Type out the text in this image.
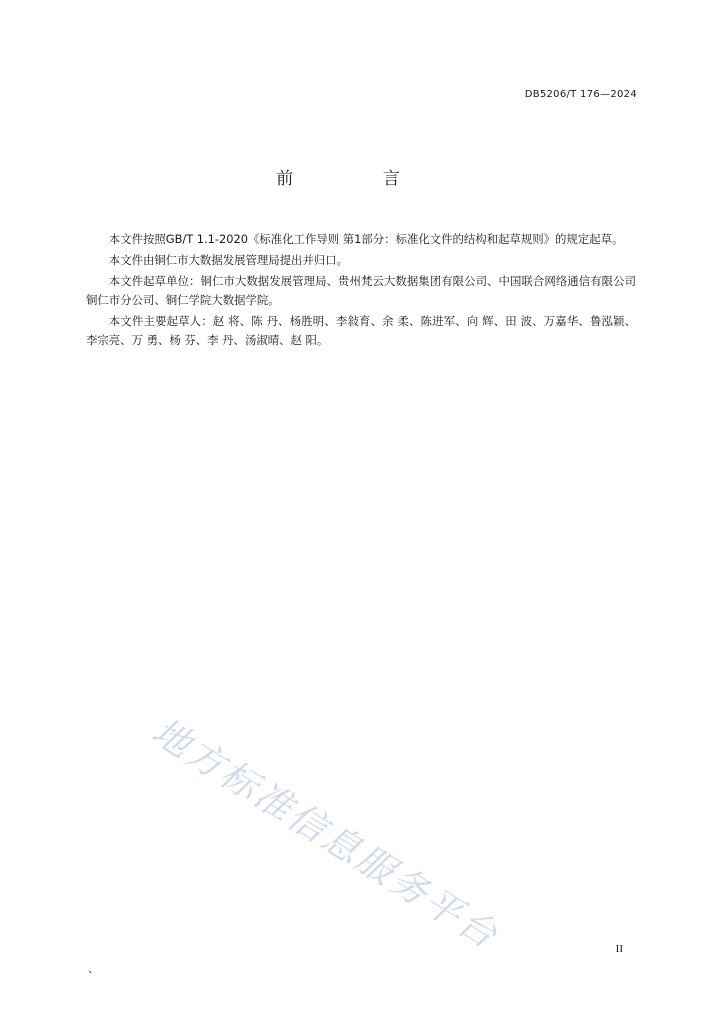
DB5206/T 176—2024
前 言

本文件按照GB/T 1.1-2020《标准化工作导则 第1部分：标准化文件的结构和起草规则》的规定起草。

本文件由铜仁市大数据发展管理局提出并归口。

本文件起草单位：铜仁市大数据发展管理局、贵州梵云大数据集团有限公司、中国联合网络通信有限公司铜仁市分公司、铜仁学院大数据学院。

本文件主要起草人：赵 将、陈 丹、杨胜明、李敍育、余 柔、陈进军、向 辉、田 波、万嘉华、鲁泓颖、李宗亮、万 勇、杨 芬、李 丹、汤淑晴、赵 阳。

地方标准信息服务平台	II
、
